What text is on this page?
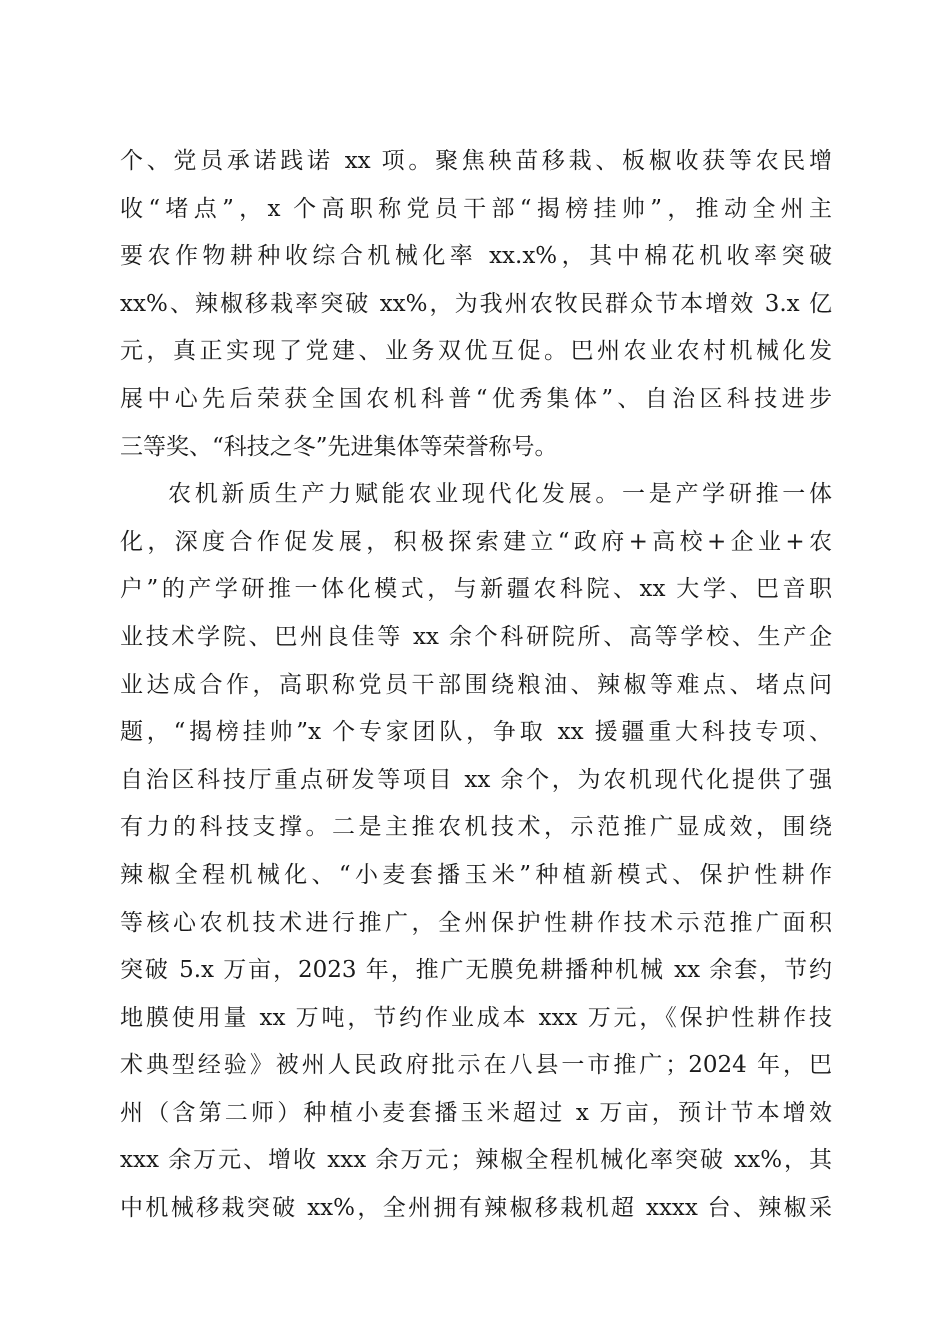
个、党员承诺践诺 xx 项。聚焦秧苗移栽、板椒收获等农民增
收“堵点”，x 个高职称党员干部“揭榜挂帅”，推动全州主
要农作物耕种收综合机械化率 xx.x%，其中棉花机收率突破
xx%、辣椒移栽率突破 xx%，为我州农牧民群众节本增效 3.x 亿
元，真正实现了党建、业务双优互促。巴州农业农村机械化发
展中心先后荣获全国农机科普“优秀集体”、自治区科技进步
三等奖、“科技之冬”先进集体等荣誉称号。
农机新质生产力赋能农业现代化发展。一是产学研推一体
化，深度合作促发展，积极探索建立“政府+高校+企业+农
户”的产学研推一体化模式，与新疆农科院、xx 大学、巴音职
业技术学院、巴州良佳等 xx 余个科研院所、高等学校、生产企
业达成合作，高职称党员干部围绕粮油、辣椒等难点、堵点问
题，“揭榜挂帅”x 个专家团队，争取 xx 援疆重大科技专项、
自治区科技厅重点研发等项目 xx 余个，为农机现代化提供了强
有力的科技支撑。二是主推农机技术，示范推广显成效，围绕
辣椒全程机械化、“小麦套播玉米”种植新模式、保护性耕作
等核心农机技术进行推广，全州保护性耕作技术示范推广面积
突破 5.x 万亩，2023 年，推广无膜免耕播种机械 xx 余套，节约
地膜使用量 xx 万吨，节约作业成本 xxx 万元，《保护性耕作技
术典型经验》被州人民政府批示在八县一市推广；2024 年，巴
州（含第二师）种植小麦套播玉米超过 x 万亩，预计节本增效
xxx 余万元、增收 xxx 余万元；辣椒全程机械化率突破 xx%，其
中机械移栽突破 xx%，全州拥有辣椒移栽机超 xxxx 台、辣椒采
